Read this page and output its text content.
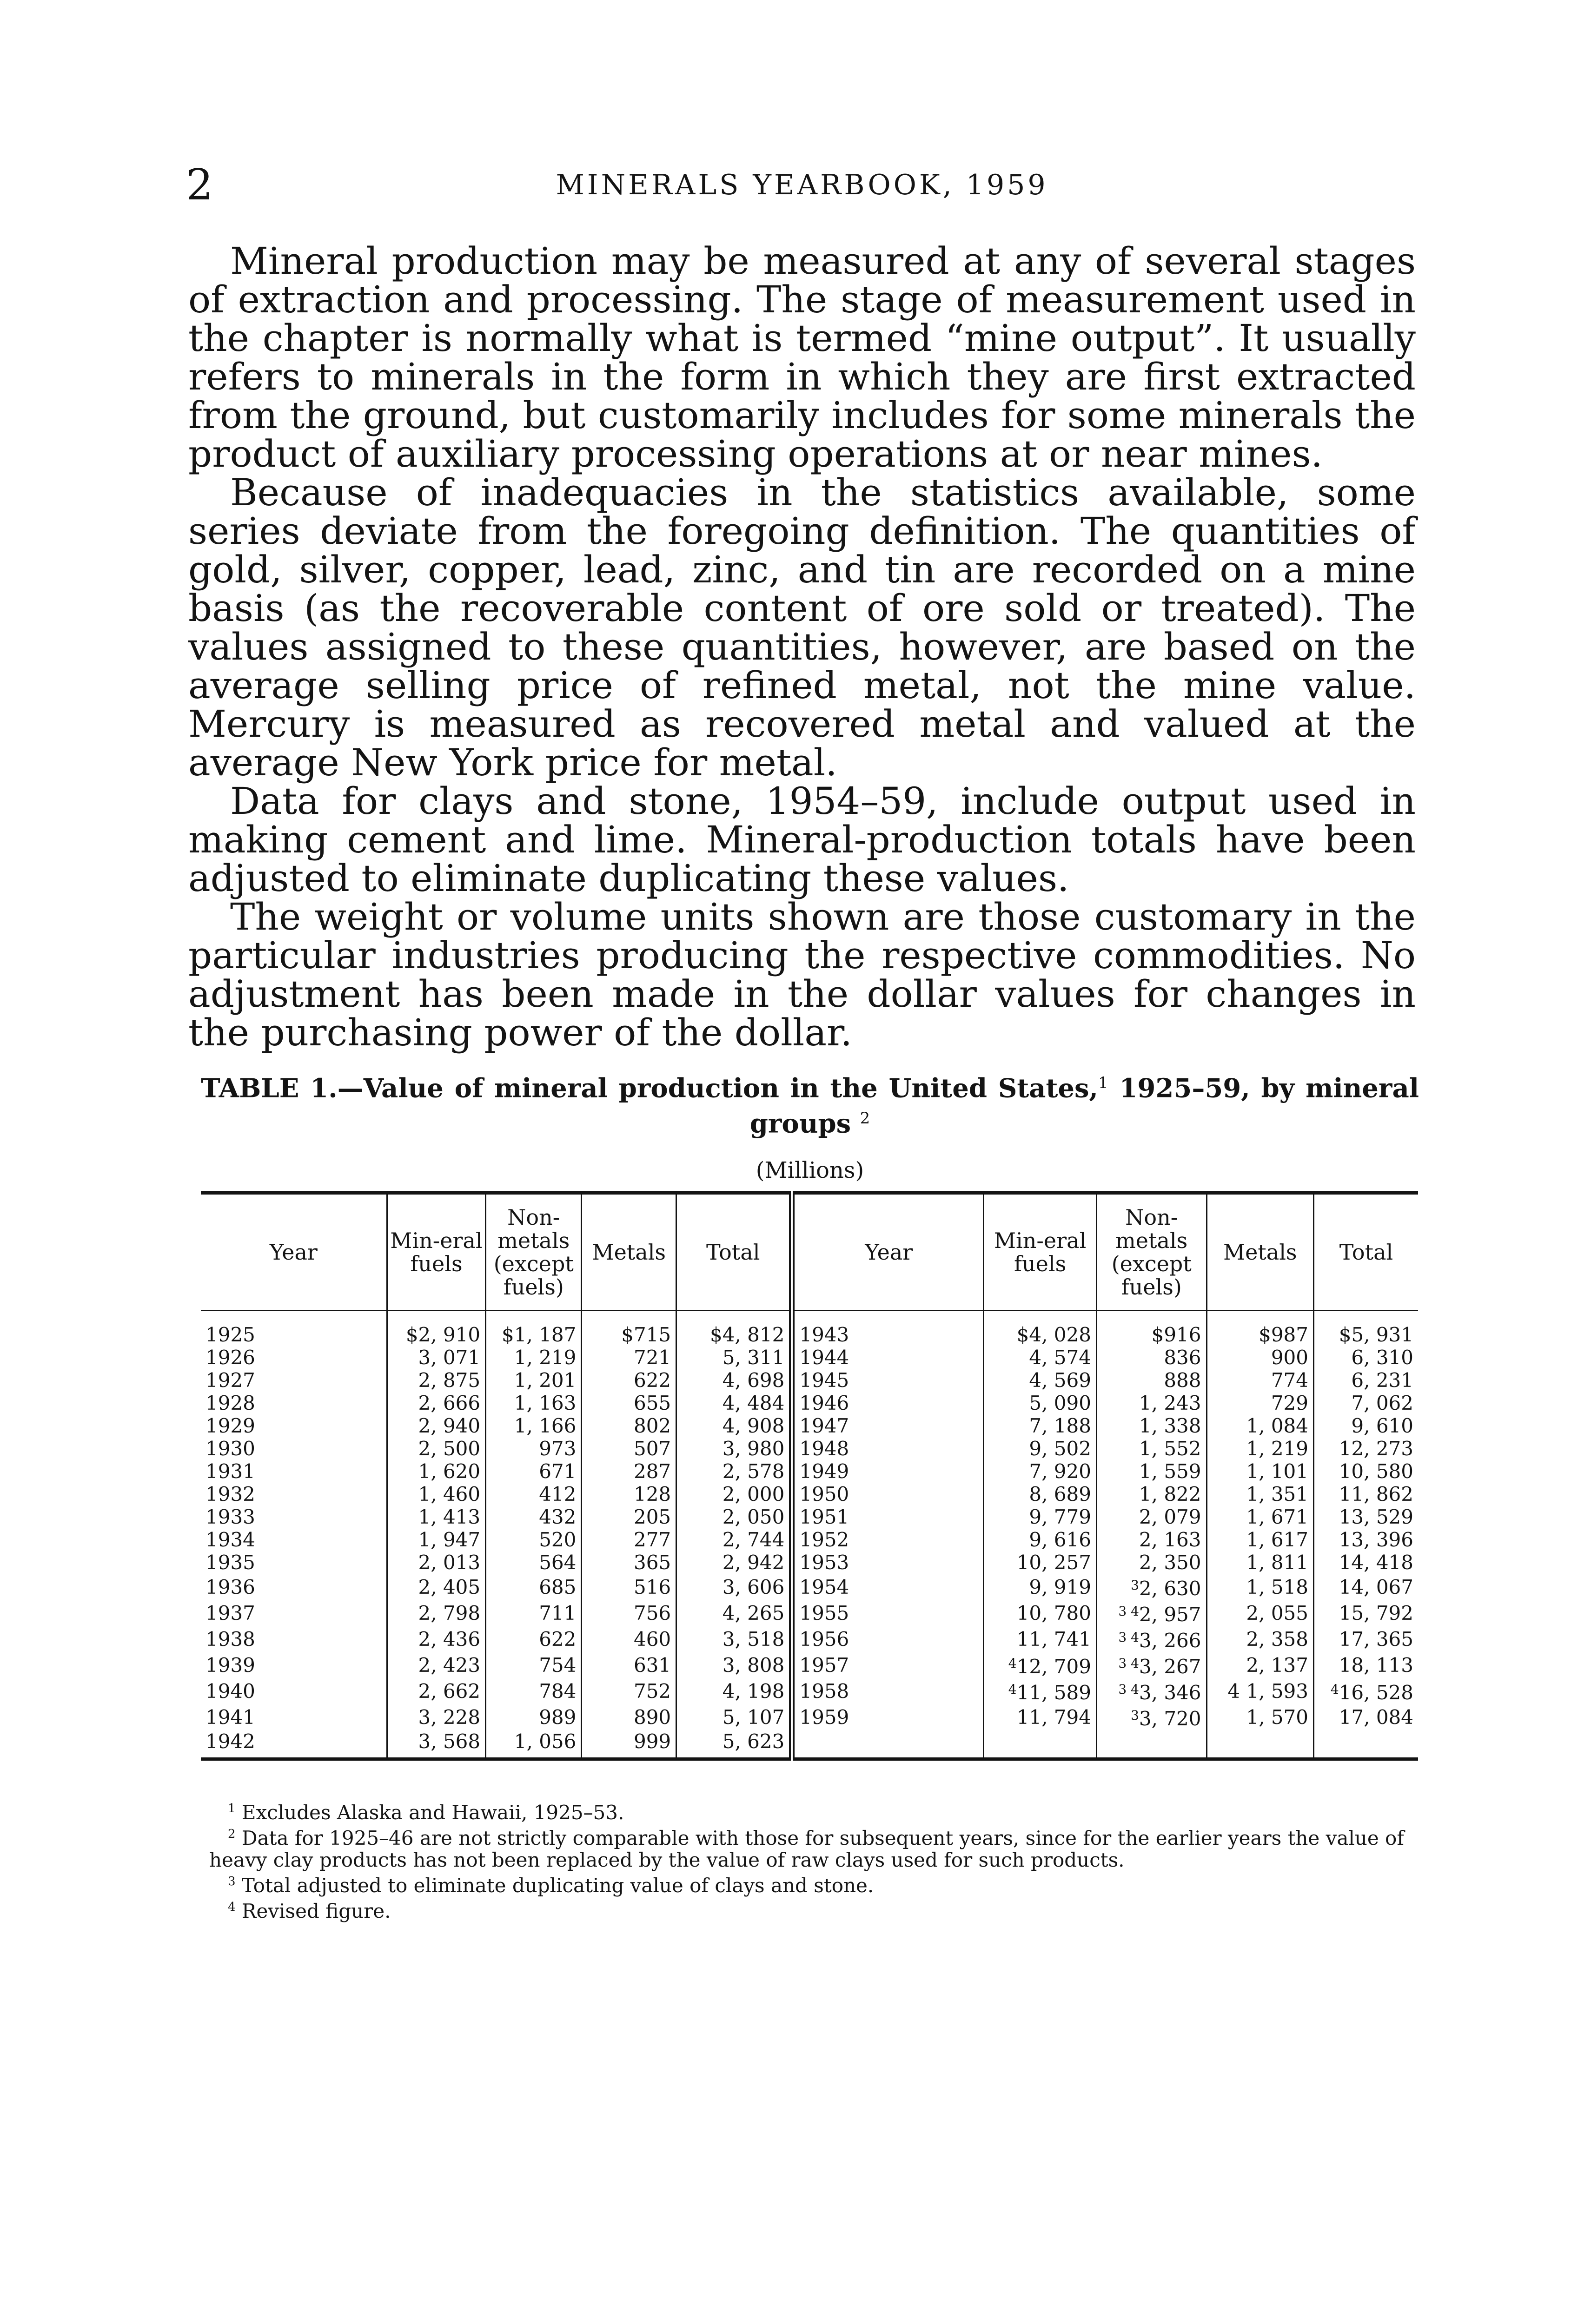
2	MINERALS YEARBOOK, 1959

Mineral production may be measured at any of several stages of extraction and processing. The stage of measurement used in the chapter is normally what is termed “mine output”. It usually refers to minerals in the form in which they are first extracted from the ground, but customarily includes for some minerals the product of auxiliary processing operations at or near mines.

Because of inadequacies in the statistics available, some series deviate from the foregoing definition. The quantities of gold, silver, copper, lead, zinc, and tin are recorded on a mine basis (as the recoverable content of ore sold or treated). The values assigned to these quantities, however, are based on the average selling price of refined metal, not the mine value. Mercury is measured as recovered metal and valued at the average New York price for metal.

Data for clays and stone, 1954–59, include output used in making cement and lime. Mineral-production totals have been adjusted to eliminate duplicating these values.

The weight or volume units shown are those customary in the particular industries producing the respective commodities. No adjustment has been made in the dollar values for changes in the purchasing power of the dollar.

TABLE 1.—Value of mineral production in the United States,$^1$ 1925–59, by mineral groups $^2$
(Millions)
Year	Min-eral fuels	Non-metals (except fuels)	Metals	Total	Year	Min-eral fuels	Non-metals (except fuels)	Metals	Total
1925	$2, 910	$1, 187	$715	$4, 812	1943	$4, 028	$916	$987	$5, 931
1926	3, 071	1, 219	721	5, 311	1944	4, 574	836	900	6, 310
1927	2, 875	1, 201	622	4, 698	1945	4, 569	888	774	6, 231
1928	2, 666	1, 163	655	4, 484	1946	5, 090	1, 243	729	7, 062
1929	2, 940	1, 166	802	4, 908	1947	7, 188	1, 338	1, 084	9, 610
1930	2, 500	973	507	3, 980	1948	9, 502	1, 552	1, 219	12, 273
1931	1, 620	671	287	2, 578	1949	7, 920	1, 559	1, 101	10, 580
1932	1, 460	412	128	2, 000	1950	8, 689	1, 822	1, 351	11, 862
1933	1, 413	432	205	2, 050	1951	9, 779	2, 079	1, 671	13, 529
1934	1, 947	520	277	2, 744	1952	9, 616	2, 163	1, 617	13, 396
1935	2, 013	564	365	2, 942	1953	10, 257	2, 350	1, 811	14, 418
1936	2, 405	685	516	3, 606	1954	9, 919	$^3$2, 630	1, 518	14, 067
1937	2, 798	711	756	4, 265	1955	10, 780	$^{3 4}$2, 957	2, 055	15, 792
1938	2, 436	622	460	3, 518	1956	11, 741	$^{3 4}$3, 266	2, 358	17, 365
1939	2, 423	754	631	3, 808	1957	$^4$12, 709	$^{3 4}$3, 267	2, 137	18, 113
1940	2, 662	784	752	4, 198	1958	$^4$11, 589	$^{3 4}$3, 346	4 1, 593	$^4$16, 528
1941	3, 228	989	890	5, 107	1959	11, 794	$^3$3, 720	1, 570	17, 084
1942	3, 568	1, 056	999	5, 623					

$^1$ Excludes Alaska and Hawaii, 1925–53.

$^2$ Data for 1925–46 are not strictly comparable with those for subsequent years, since for the earlier years the value of heavy clay products has not been replaced by the value of raw clays used for such products.

$^3$ Total adjusted to eliminate duplicating value of clays and stone.

$^4$ Revised figure.
